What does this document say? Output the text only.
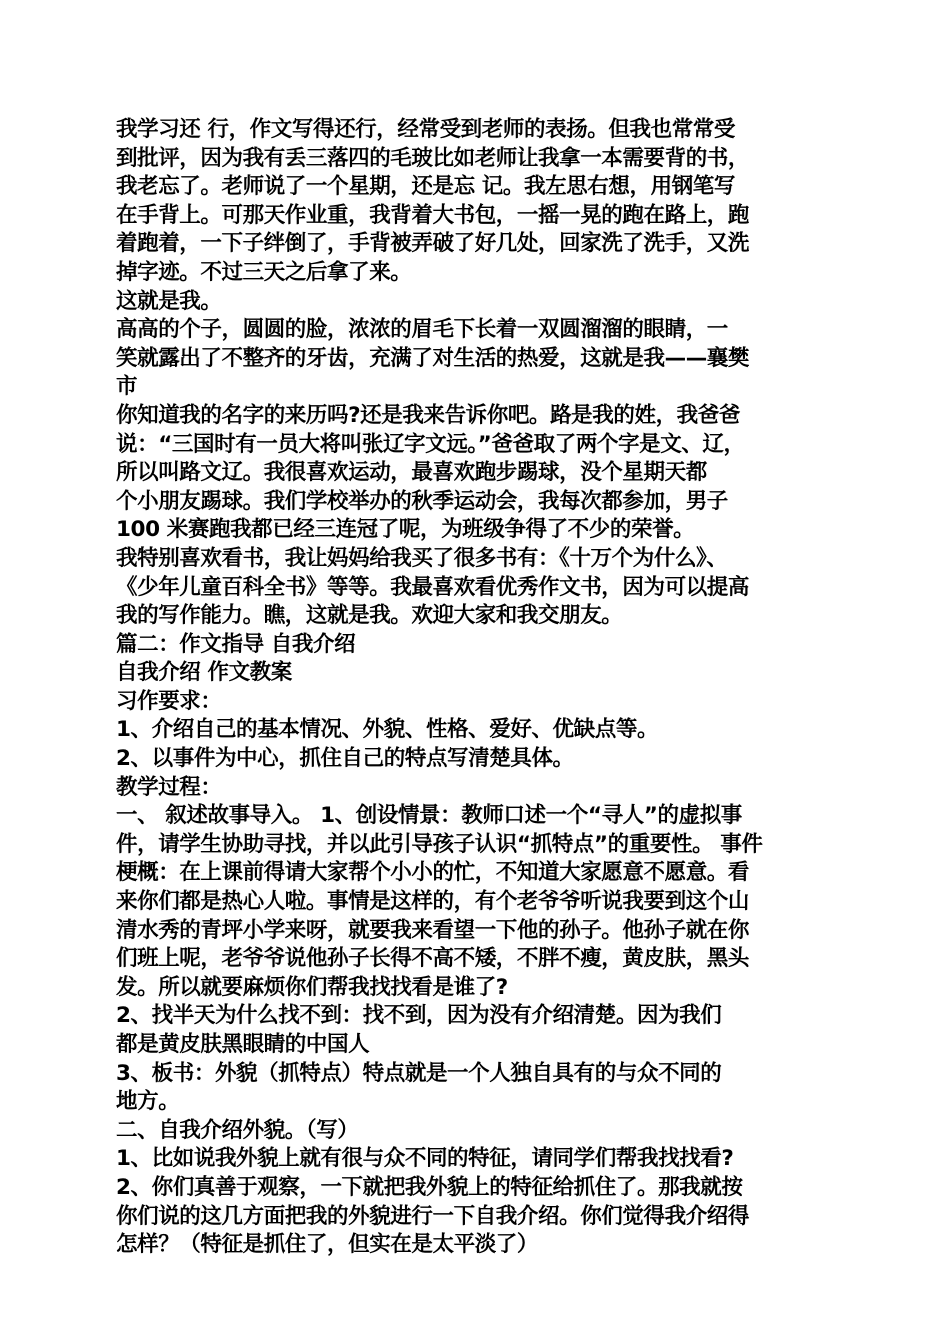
我学习还 行，作文写得还行，经常受到老师的表扬。但我也常常受
到批评，因为我有丢三落四的毛玻比如老师让我拿一本需要背的书，
我老忘了。老师说了一个星期，还是忘 记。我左思右想，用钢笔写
在手背上。可那天作业重，我背着大书包，一摇一晃的跑在路上，跑
着跑着，一下子绊倒了，手背被弄破了好几处，回家洗了洗手，又洗
掉字迹。不过三天之后拿了来。
这就是我。
高高的个子，圆圆的脸，浓浓的眉毛下长着一双圆溜溜的眼睛，一
笑就露出了不整齐的牙齿，充满了对生活的热爱，这就是我——襄樊
市
你知道我的名字的来历吗?还是我来告诉你吧。路是我的姓，我爸爸
说：“三国时有一员大将叫张辽字文远。”爸爸取了两个字是文、辽，
所以叫路文辽。我很喜欢运动，最喜欢跑步踢球，没个星期天都
个小朋友踢球。我们学校举办的秋季运动会，我每次都参加，男子
100 米赛跑我都已经三连冠了呢，为班级争得了不少的荣誉。
我特别喜欢看书，我让妈妈给我买了很多书有：《十万个为什么》、
《少年儿童百科全书》等等。我最喜欢看优秀作文书，因为可以提高
我的写作能力。瞧，这就是我。欢迎大家和我交朋友。
篇二：作文指导 自我介绍
自我介绍 作文教案
习作要求：
1、介绍自己的基本情况、外貌、性格、爱好、优缺点等。
2、以事件为中心，抓住自己的特点写清楚具体。
教学过程：
一、 叙述故事导入。 1、创设情景：教师口述一个“寻人”的虚拟事
件，请学生协助寻找，并以此引导孩子认识“抓特点”的重要性。 事件
梗概：在上课前得请大家帮个小小的忙，不知道大家愿意不愿意。看
来你们都是热心人啦。事情是这样的，有个老爷爷听说我要到这个山
清水秀的青坪小学来呀，就要我来看望一下他的孙子。他孙子就在你
们班上呢，老爷爷说他孙子长得不高不矮，不胖不瘦，黄皮肤，黑头
发。所以就要麻烦你们帮我找找看是谁了?
2、找半天为什么找不到：找不到，因为没有介绍清楚。因为我们
都是黄皮肤黑眼睛的中国人
3、板书：外貌（抓特点）特点就是一个人独自具有的与众不同的
地方。
二、自我介绍外貌。（写）
1、比如说我外貌上就有很与众不同的特征，请同学们帮我找找看?
2、你们真善于观察，一下就把我外貌上的特征给抓住了。那我就按
你们说的这几方面把我的外貌进行一下自我介绍。你们觉得我介绍得
怎样？（特征是抓住了，但实在是太平淡了）
